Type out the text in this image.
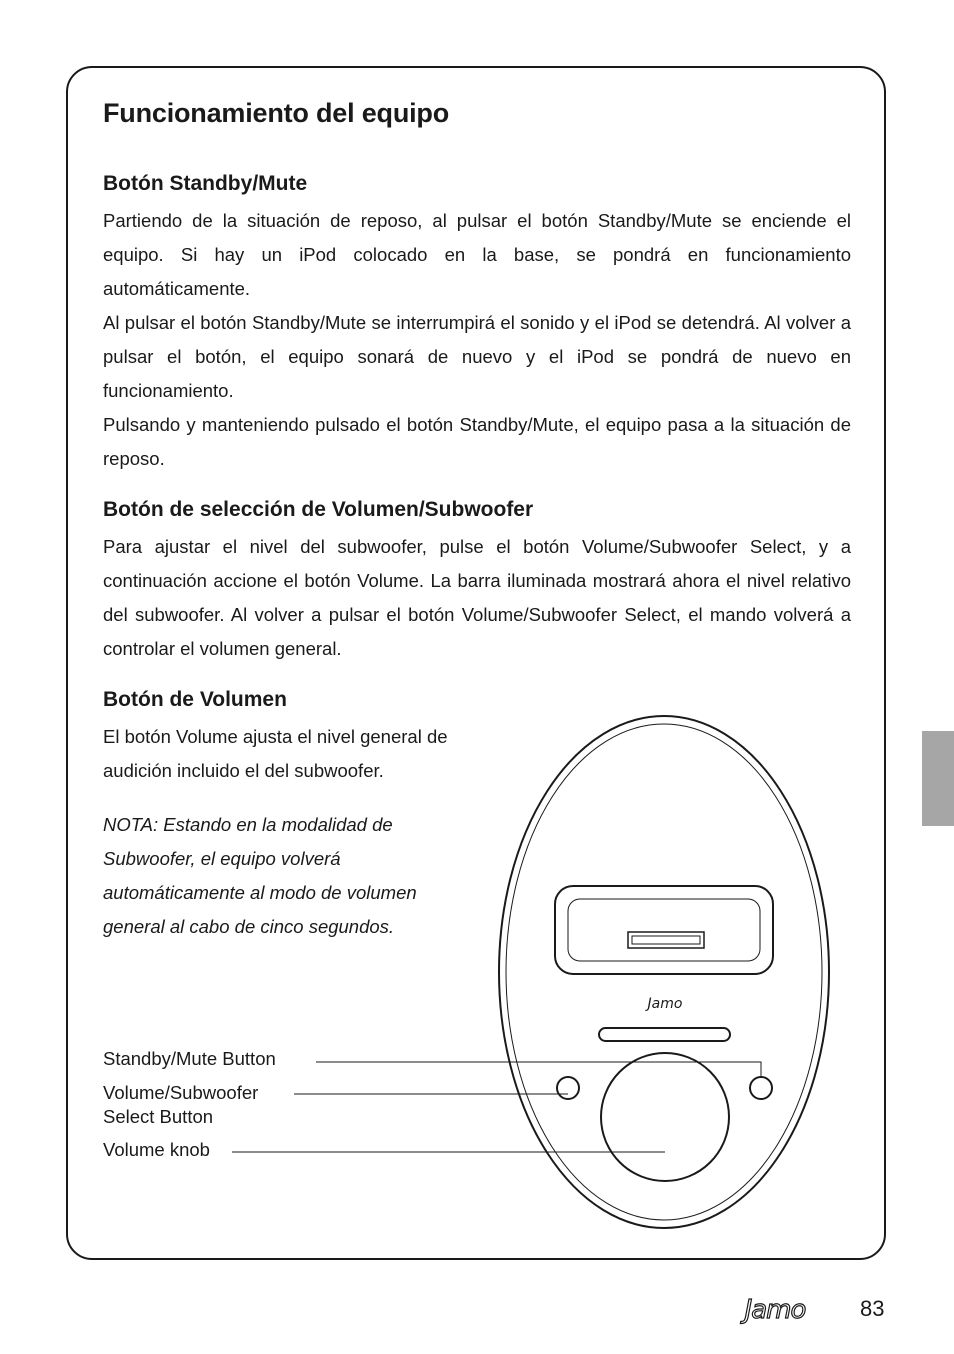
Funcionamiento del equipo
Botón Standby/Mute

Partiendo de la situación de reposo, al pulsar el botón Standby/Mute se enciende el equipo. Si hay un iPod colocado en la base, se pondrá en funcionamiento automáticamente.

Al pulsar el botón Standby/Mute se interrumpirá el sonido y el iPod se detendrá. Al volver a pulsar el botón, el equipo sonará de nuevo y el iPod se pondrá de nuevo en funcionamiento.

Pulsando y manteniendo pulsado el botón Standby/Mute, el equipo pasa a la situación de reposo.

Botón de selección de Volumen/Subwoofer

Para ajustar el nivel del subwoofer, pulse el botón Volume/Subwoofer Select, y a continuación accione el botón Volume. La barra iluminada mostrará ahora el nivel relativo del subwoofer. Al volver a pulsar el botón Volume/Subwoofer Select, el mando volverá a controlar el volumen general.

Botón de Volumen

El botón Volume ajusta el nivel general de audición incluido el del subwoofer.

NOTA: Estando en la modalidad de Subwoofer, el equipo volverá automáticamente al modo de volumen general al cabo de cinco segundos.

Jamo
Standby/Mute Button
Volume/Subwoofer
Select Button
Volume knob
Jamo 83
